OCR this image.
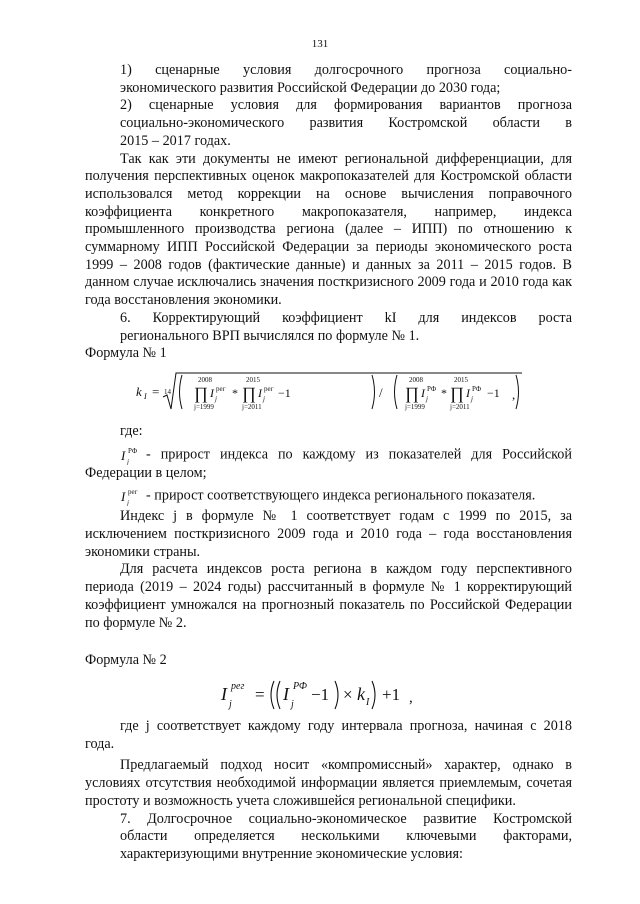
131

1) сценарные условия долгосрочного прогноза социально-
экономического развития Российской Федерации до 2030 года;

2) сценарные условия для формирования вариантов прогноза
социально-экономического развития Костромской области в
2015 – 2017 годах.

Так как эти документы не имеют региональной дифференциации, для получения перспективных оценок макропоказателей для Костромской области использовался метод коррекции на основе вычисления поправочного коэффициента конкретного макропоказателя, например, индекса промышленного производства региона (далее – ИПП) по отношению к суммарному ИПП Российской Федерации за периоды экономического роста 1999 – 2008 годов (фактические данные) и данных за 2011 – 2015 годов. В данном случае исключались значения посткризисного 2009 года и 2010 года как года восстановления экономики.

6. Корректирующий коэффициент kI для индексов роста
регионального ВРП вычислялся по формуле № 1.

Формула № 1

k I = 14
2008
∏
j=1999
I j
рег *
2015
∏
j=2011
I j
рег −1	/
2008
∏
j=1999
I j
РФ *
2015
∏
j=2011
I j
РФ −1 ,

где:

I j
РФ - прирост индекса по каждому из показателей для Российской
Федерации в целом;

I j
рег - прирост соответствующего индекса регионального показателя.

Индекс j в формуле № 1 соответствует годам с 1999 по 2015, за исключением посткризисного 2009 года и 2010 года – года восстановления экономики страны.

Для расчета индексов роста региона в каждом году перспективного периода (2019 – 2024 годы) рассчитанный в формуле № 1 корректирующий коэффициент умножался на прогнозный показатель по Российской Федерации по формуле № 2.

Формула № 2

I
j
рег = I
j
РФ −1 × k I +1 ,

где j соответствует каждому году интервала прогноза, начиная с 2018 года.

Предлагаемый подход носит «компромиссный» характер, однако в условиях отсутствия необходимой информации является приемлемым, сочетая простоту и возможность учета сложившейся региональной специфики.

7. Долгосрочное социально-экономическое развитие Костромской
области определяется несколькими ключевыми факторами,
характеризующими внутренние экономические условия:
